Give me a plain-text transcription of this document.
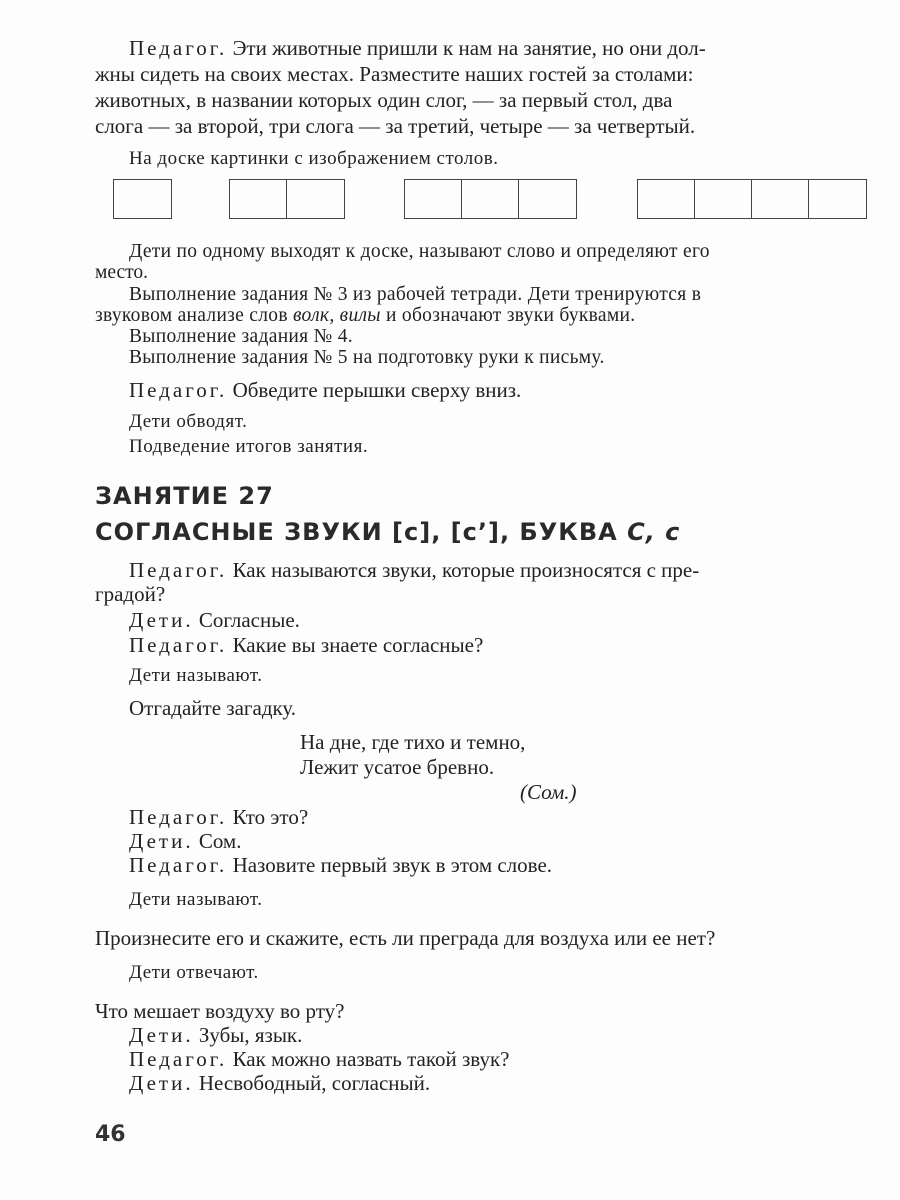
Педагог. Эти животные пришли к нам на занятие, но они дол-
жны сидеть на своих местах. Разместите наших гостей за столами:
животных, в названии которых один слог, — за первый стол, два
слога — за второй, три слога — за третий, четыре — за четвертый.
На доске картинки с изображением столов.
Дети по одному выходят к доске, называют слово и определяют его
место.
Выполнение задания № 3 из рабочей тетради. Дети тренируются в
звуковом анализе слов волк, вилы и обозначают звуки буквами.
Выполнение задания № 4.
Выполнение задания № 5 на подготовку руки к письму.
Педагог. Обведите перышки сверху вниз.
Дети обводят.
Подведение итогов занятия.
ЗАНЯТИЕ 27
СОГЛАСНЫЕ ЗВУКИ [с], [с’], БУКВА С, с
Педагог. Как называются звуки, которые произносятся с пре-
градой?
Дети. Согласные.
Педагог. Какие вы знаете согласные?
Дети называют.
Отгадайте загадку.
На дне, где тихо и темно,
Лежит усатое бревно.
(Сом.)
Педагог. Кто это?
Дети. Сом.
Педагог. Назовите первый звук в этом слове.
Дети называют.
Произнесите его и скажите, есть ли преграда для воздуха или ее нет?
Дети отвечают.
Что мешает воздуху во рту?
Дети. Зубы, язык.
Педагог. Как можно назвать такой звук?
Дети. Несвободный, согласный.
46
